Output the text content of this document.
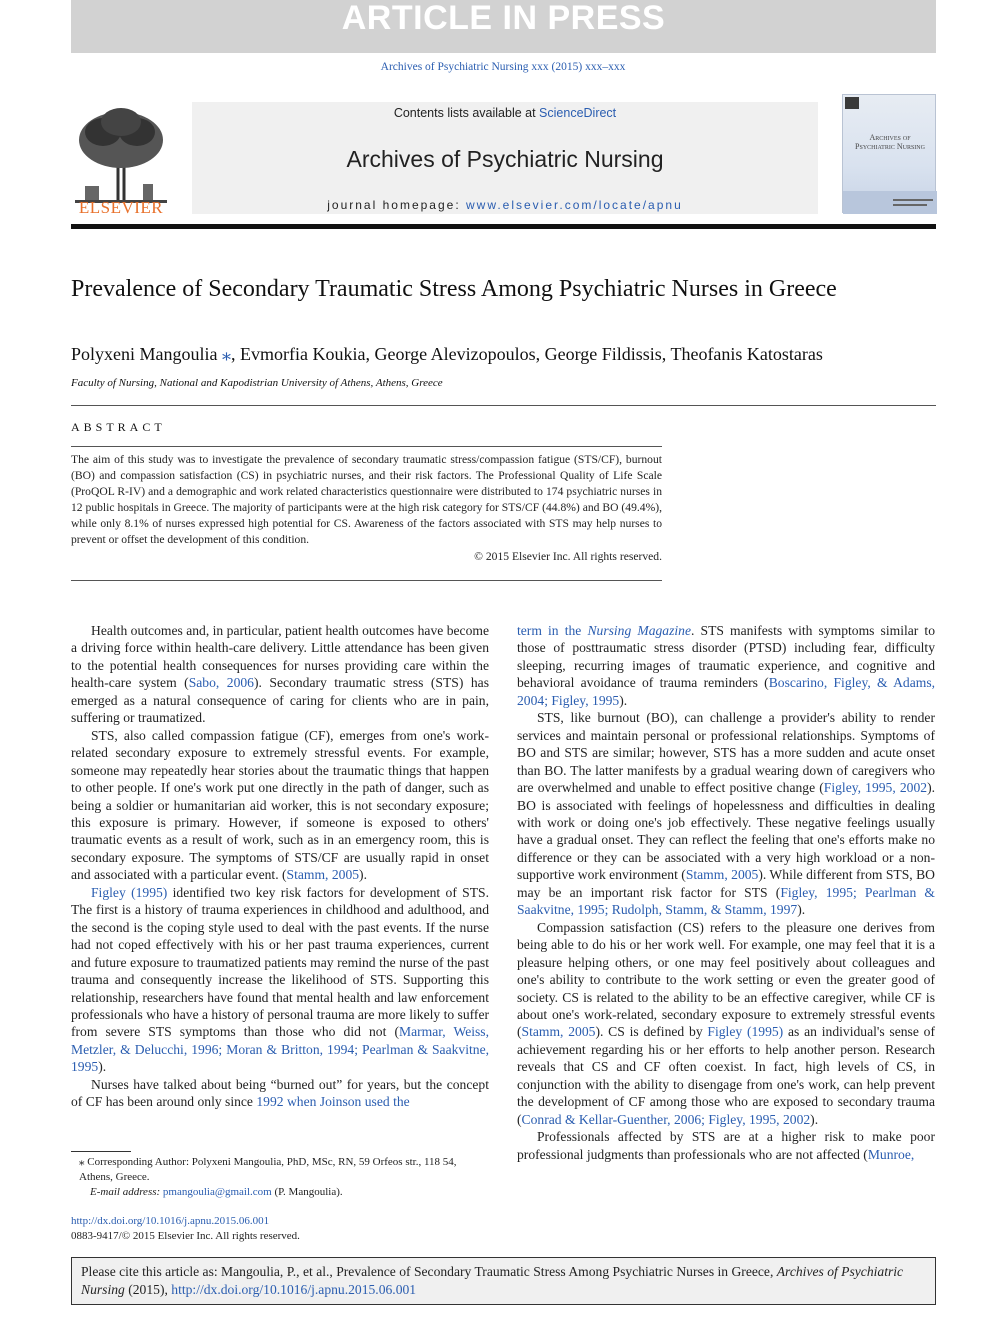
ARTICLE IN PRESS
Archives of Psychiatric Nursing xxx (2015) xxx–xxx
ELSEVIER
Contents lists available at ScienceDirect
Archives of Psychiatric Nursing
journal homepage: www.elsevier.com/locate/apnu
Archives of Psychiatric Nursing
Prevalence of Secondary Traumatic Stress Among Psychiatric Nurses in Greece
Polyxeni Mangoulia ⁎, Evmorfia Koukia, George Alevizopoulos, George Fildissis, Theofanis Katostaras
Faculty of Nursing, National and Kapodistrian University of Athens, Athens, Greece
ABSTRACT
The aim of this study was to investigate the prevalence of secondary traumatic stress/compassion fatigue (STS/CF), burnout (BO) and compassion satisfaction (CS) in psychiatric nurses, and their risk factors. The Professional Quality of Life Scale (ProQOL R-IV) and a demographic and work related characteristics questionnaire were distributed to 174 psychiatric nurses in 12 public hospitals in Greece. The majority of participants were at the high risk category for STS/CF (44.8%) and BO (49.4%), while only 8.1% of nurses expressed high potential for CS. Awareness of the factors associated with STS may help nurses to prevent or offset the development of this condition.
© 2015 Elsevier Inc. All rights reserved.

Health outcomes and, in particular, patient health outcomes have become a driving force within health-care delivery. Little attendance has been given to the potential health consequences for nurses providing care within the health-care system (Sabo, 2006). Secondary traumatic stress (STS) has emerged as a natural consequence of caring for clients who are in pain, suffering or traumatized.

STS, also called compassion fatigue (CF), emerges from one's work-related secondary exposure to extremely stressful events. For example, someone may repeatedly hear stories about the traumatic things that happen to other people. If one's work put one directly in the path of danger, such as being a soldier or humanitarian aid worker, this is not secondary exposure; this exposure is primary. However, if someone is exposed to others' traumatic events as a result of work, such as in an emergency room, this is secondary exposure. The symptoms of STS/CF are usually rapid in onset and associated with a particular event. (Stamm, 2005).

Figley (1995) identified two key risk factors for development of STS. The first is a history of trauma experiences in childhood and adulthood, and the second is the coping style used to deal with the past events. If the nurse had not coped effectively with his or her past trauma experiences, current and future exposure to traumatized patients may remind the nurse of the past trauma and consequently increase the likelihood of STS. Supporting this relationship, researchers have found that mental health and law enforcement professionals who have a history of personal trauma are more likely to suffer from severe STS symptoms than those who did not (Marmar, Weiss, Metzler, & Delucchi, 1996; Moran & Britton, 1994; Pearlman & Saakvitne, 1995).

Nurses have talked about being “burned out” for years, but the concept of CF has been around only since 1992 when Joinson used the

term in the Nursing Magazine. STS manifests with symptoms similar to those of posttraumatic stress disorder (PTSD) including fear, difficulty sleeping, recurring images of traumatic experience, and cognitive and behavioral avoidance of trauma reminders (Boscarino, Figley, & Adams, 2004; Figley, 1995).

STS, like burnout (BO), can challenge a provider's ability to render services and maintain personal or professional relationships. Symptoms of BO and STS are similar; however, STS has a more sudden and acute onset than BO. The latter manifests by a gradual wearing down of caregivers who are overwhelmed and unable to effect positive change (Figley, 1995, 2002). BO is associated with feelings of hopelessness and difficulties in dealing with work or doing one's job effectively. These negative feelings usually have a gradual onset. They can reflect the feeling that one's efforts make no difference or they can be associated with a very high workload or a non-supportive work environment (Stamm, 2005). While different from STS, BO may be an important risk factor for STS (Figley, 1995; Pearlman & Saakvitne, 1995; Rudolph, Stamm, & Stamm, 1997).

Compassion satisfaction (CS) refers to the pleasure one derives from being able to do his or her work well. For example, one may feel that it is a pleasure helping others, or one may feel positively about colleagues and one's ability to contribute to the work setting or even the greater good of society. CS is related to the ability to be an effective caregiver, while CF is about one's work-related, secondary exposure to extremely stressful events (Stamm, 2005). CS is defined by Figley (1995) as an individual's sense of achievement regarding his or her efforts to help another person. Research reveals that CS and CF often coexist. In fact, high levels of CS, in conjunction with the ability to disengage from one's work, can help prevent the development of CF among those who are exposed to secondary trauma (Conrad & Kellar-Guenther, 2006; Figley, 1995, 2002).

Professionals affected by STS are at a higher risk to make poor professional judgments than professionals who are not affected (Munroe,

⁎ Corresponding Author: Polyxeni Mangoulia, PhD, MSc, RN, 59 Orfeos str., 118 54, Athens, Greece.
E-mail address: pmangoulia@gmail.com (P. Mangoulia).
http://dx.doi.org/10.1016/j.apnu.2015.06.001
0883-9417/© 2015 Elsevier Inc. All rights reserved.
Please cite this article as: Mangoulia, P., et al., Prevalence of Secondary Traumatic Stress Among Psychiatric Nurses in Greece, Archives of Psychiatric Nursing (2015), http://dx.doi.org/10.1016/j.apnu.2015.06.001
